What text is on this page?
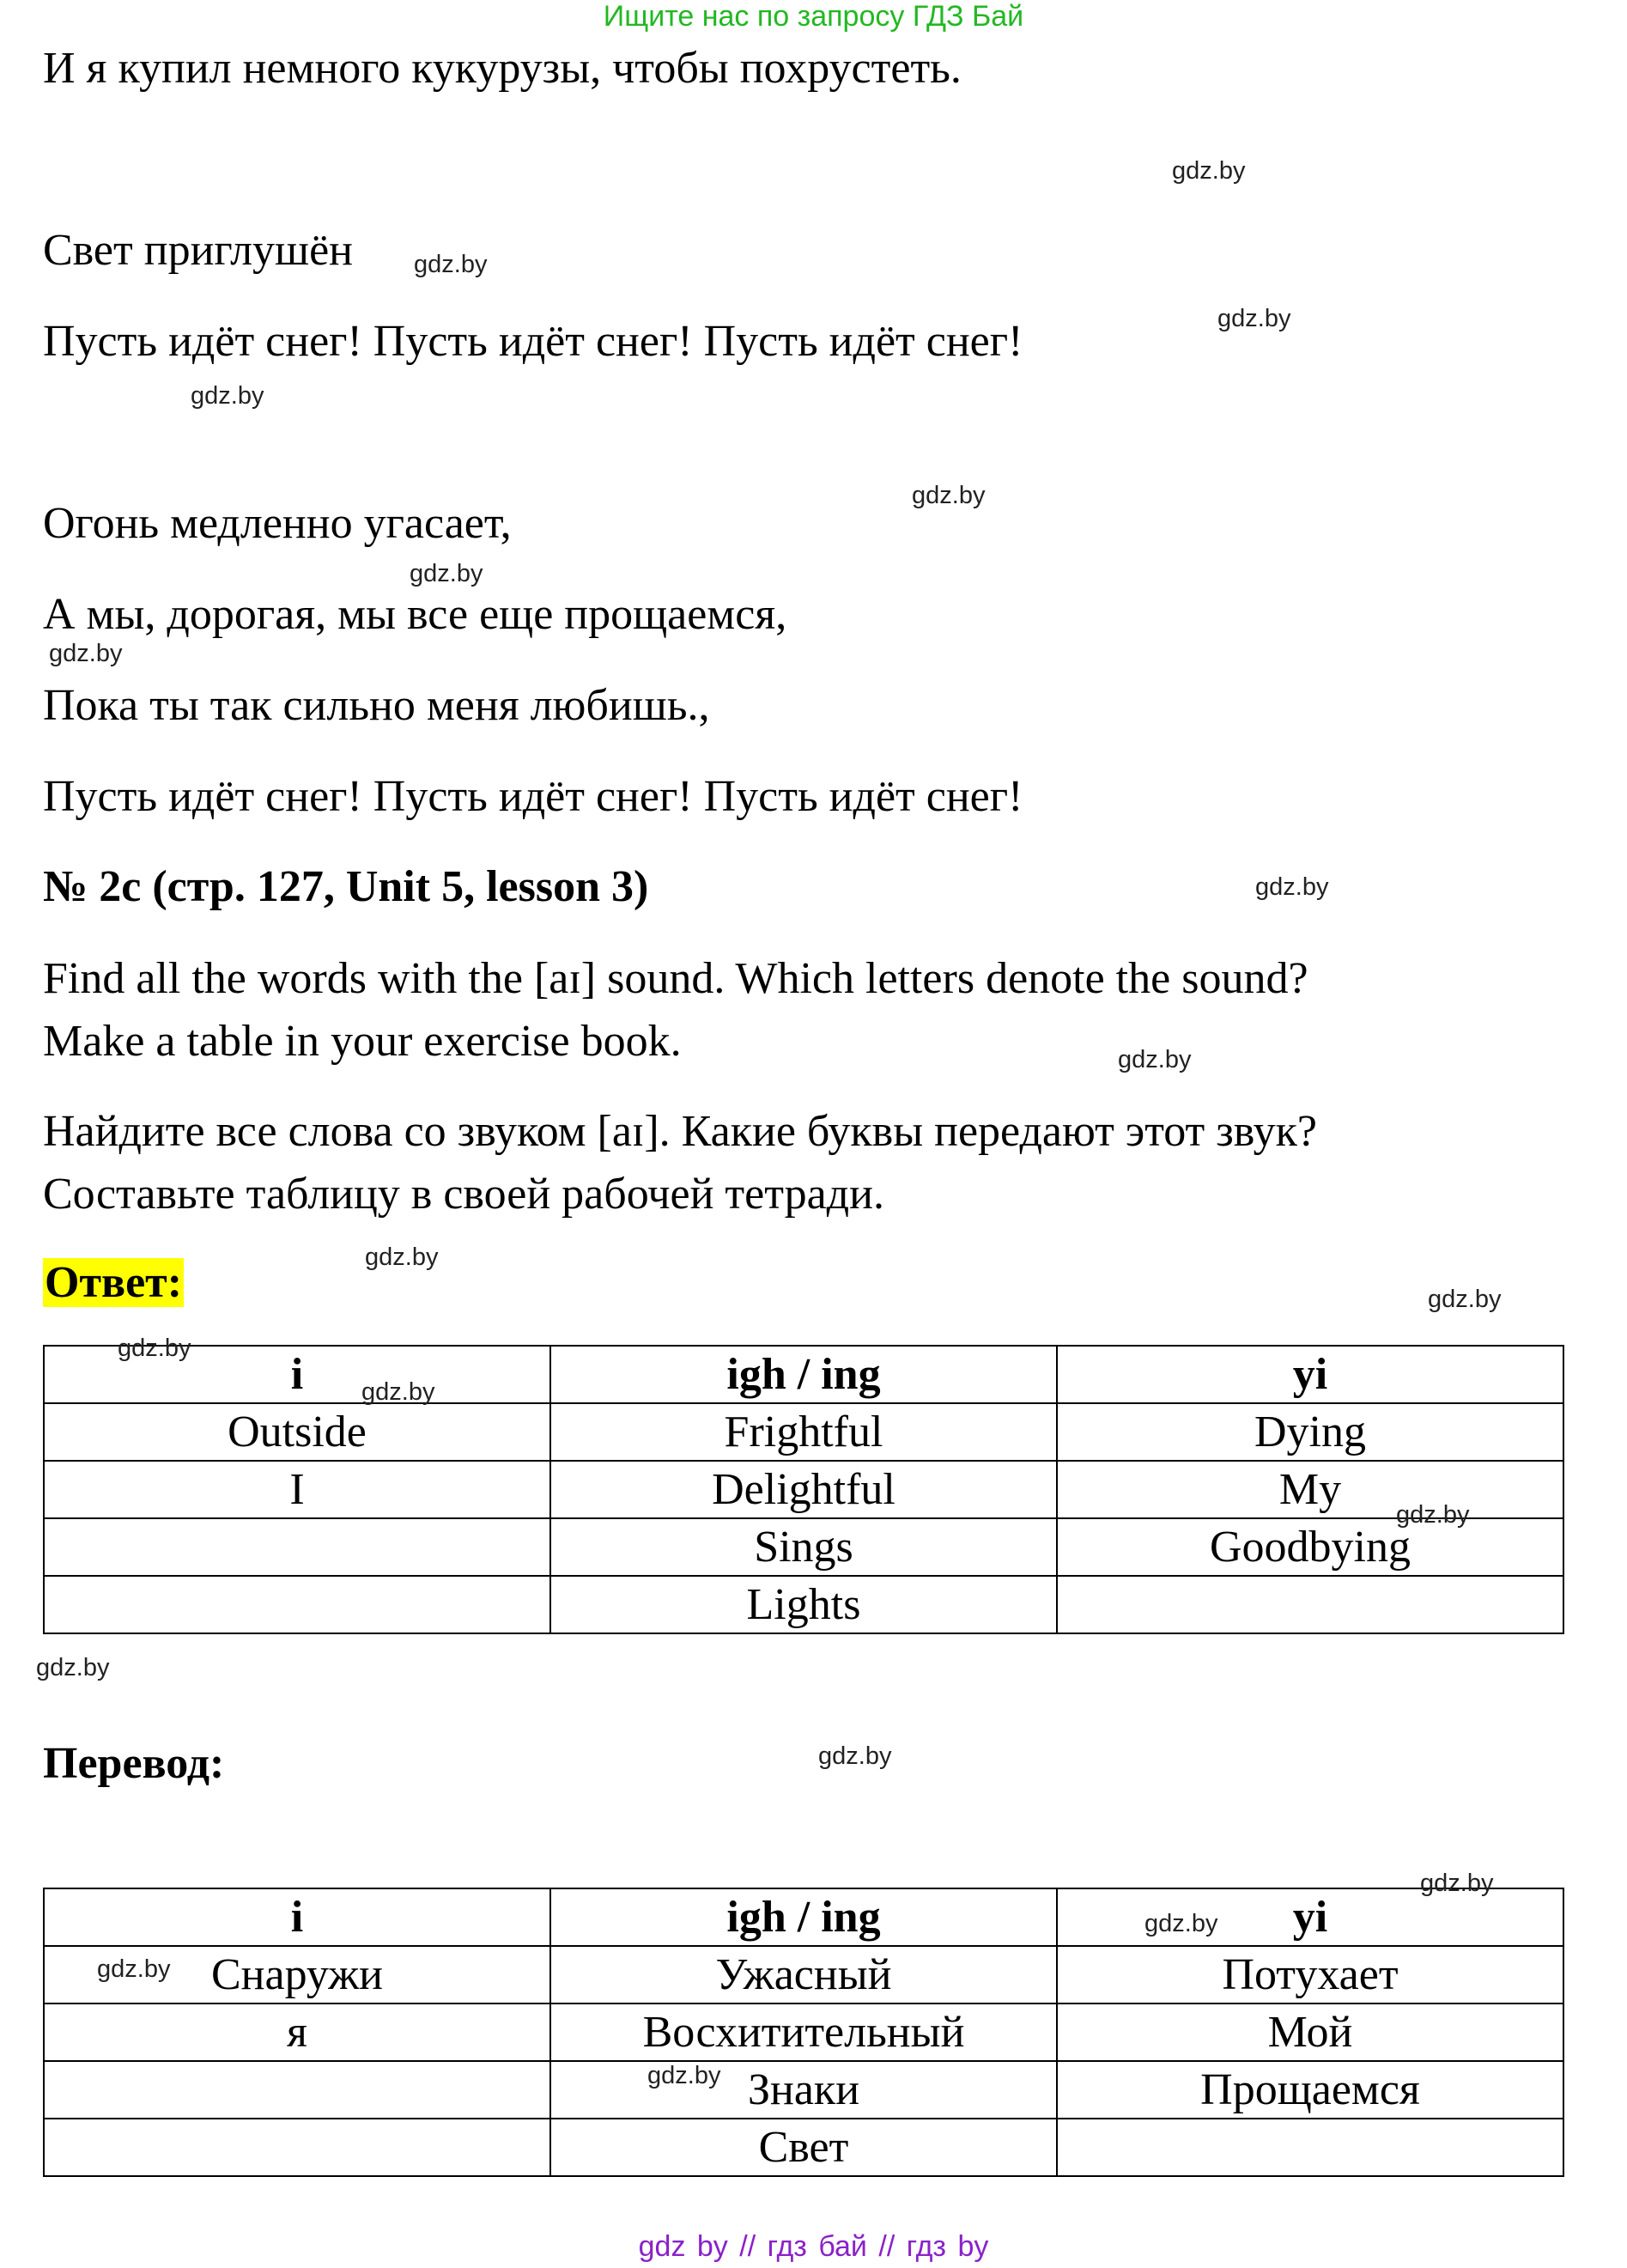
Ищите нас по запросу ГДЗ Бай
И я купил немного кукурузы, чтобы похрустеть.
Свет приглушён
Пусть идёт снег! Пусть идёт снег! Пусть идёт снег!
Огонь медленно угасает,
А мы, дорогая, мы все еще прощаемся,
Пока ты так сильно меня любишь.,
Пусть идёт снег! Пусть идёт снег! Пусть идёт снег!
№ 2с (стр. 127, Unit 5, lesson 3)
Find all the words with the [aɪ] sound. Which letters denote the sound?
Make a table in your exercise book.
Найдите все слова со звуком [aɪ]. Какие буквы передают этот звук?
Составьте таблицу в своей рабочей тетради.
Ответ:
i	igh / ing	yi
Outside	Frightful	Dying
I	Delightful	My
	Sings	Goodbying
	Lights	
Перевод:
i	igh / ing	yi
Снаружи	Ужасный	Потухает
я	Восхитительный	Мой
	Знаки	Прощаемся
	Свет	
gdz.by
gdz.by
gdz.by
gdz.by
gdz.by
gdz.by
gdz.by
gdz.by
gdz.by
gdz.by
gdz.by
gdz.by
gdz.by
gdz.by
gdz.by
gdz.by
gdz.by
gdz.by
gdz.by
gdz.by
gdz by // гдз бай // гдз by
